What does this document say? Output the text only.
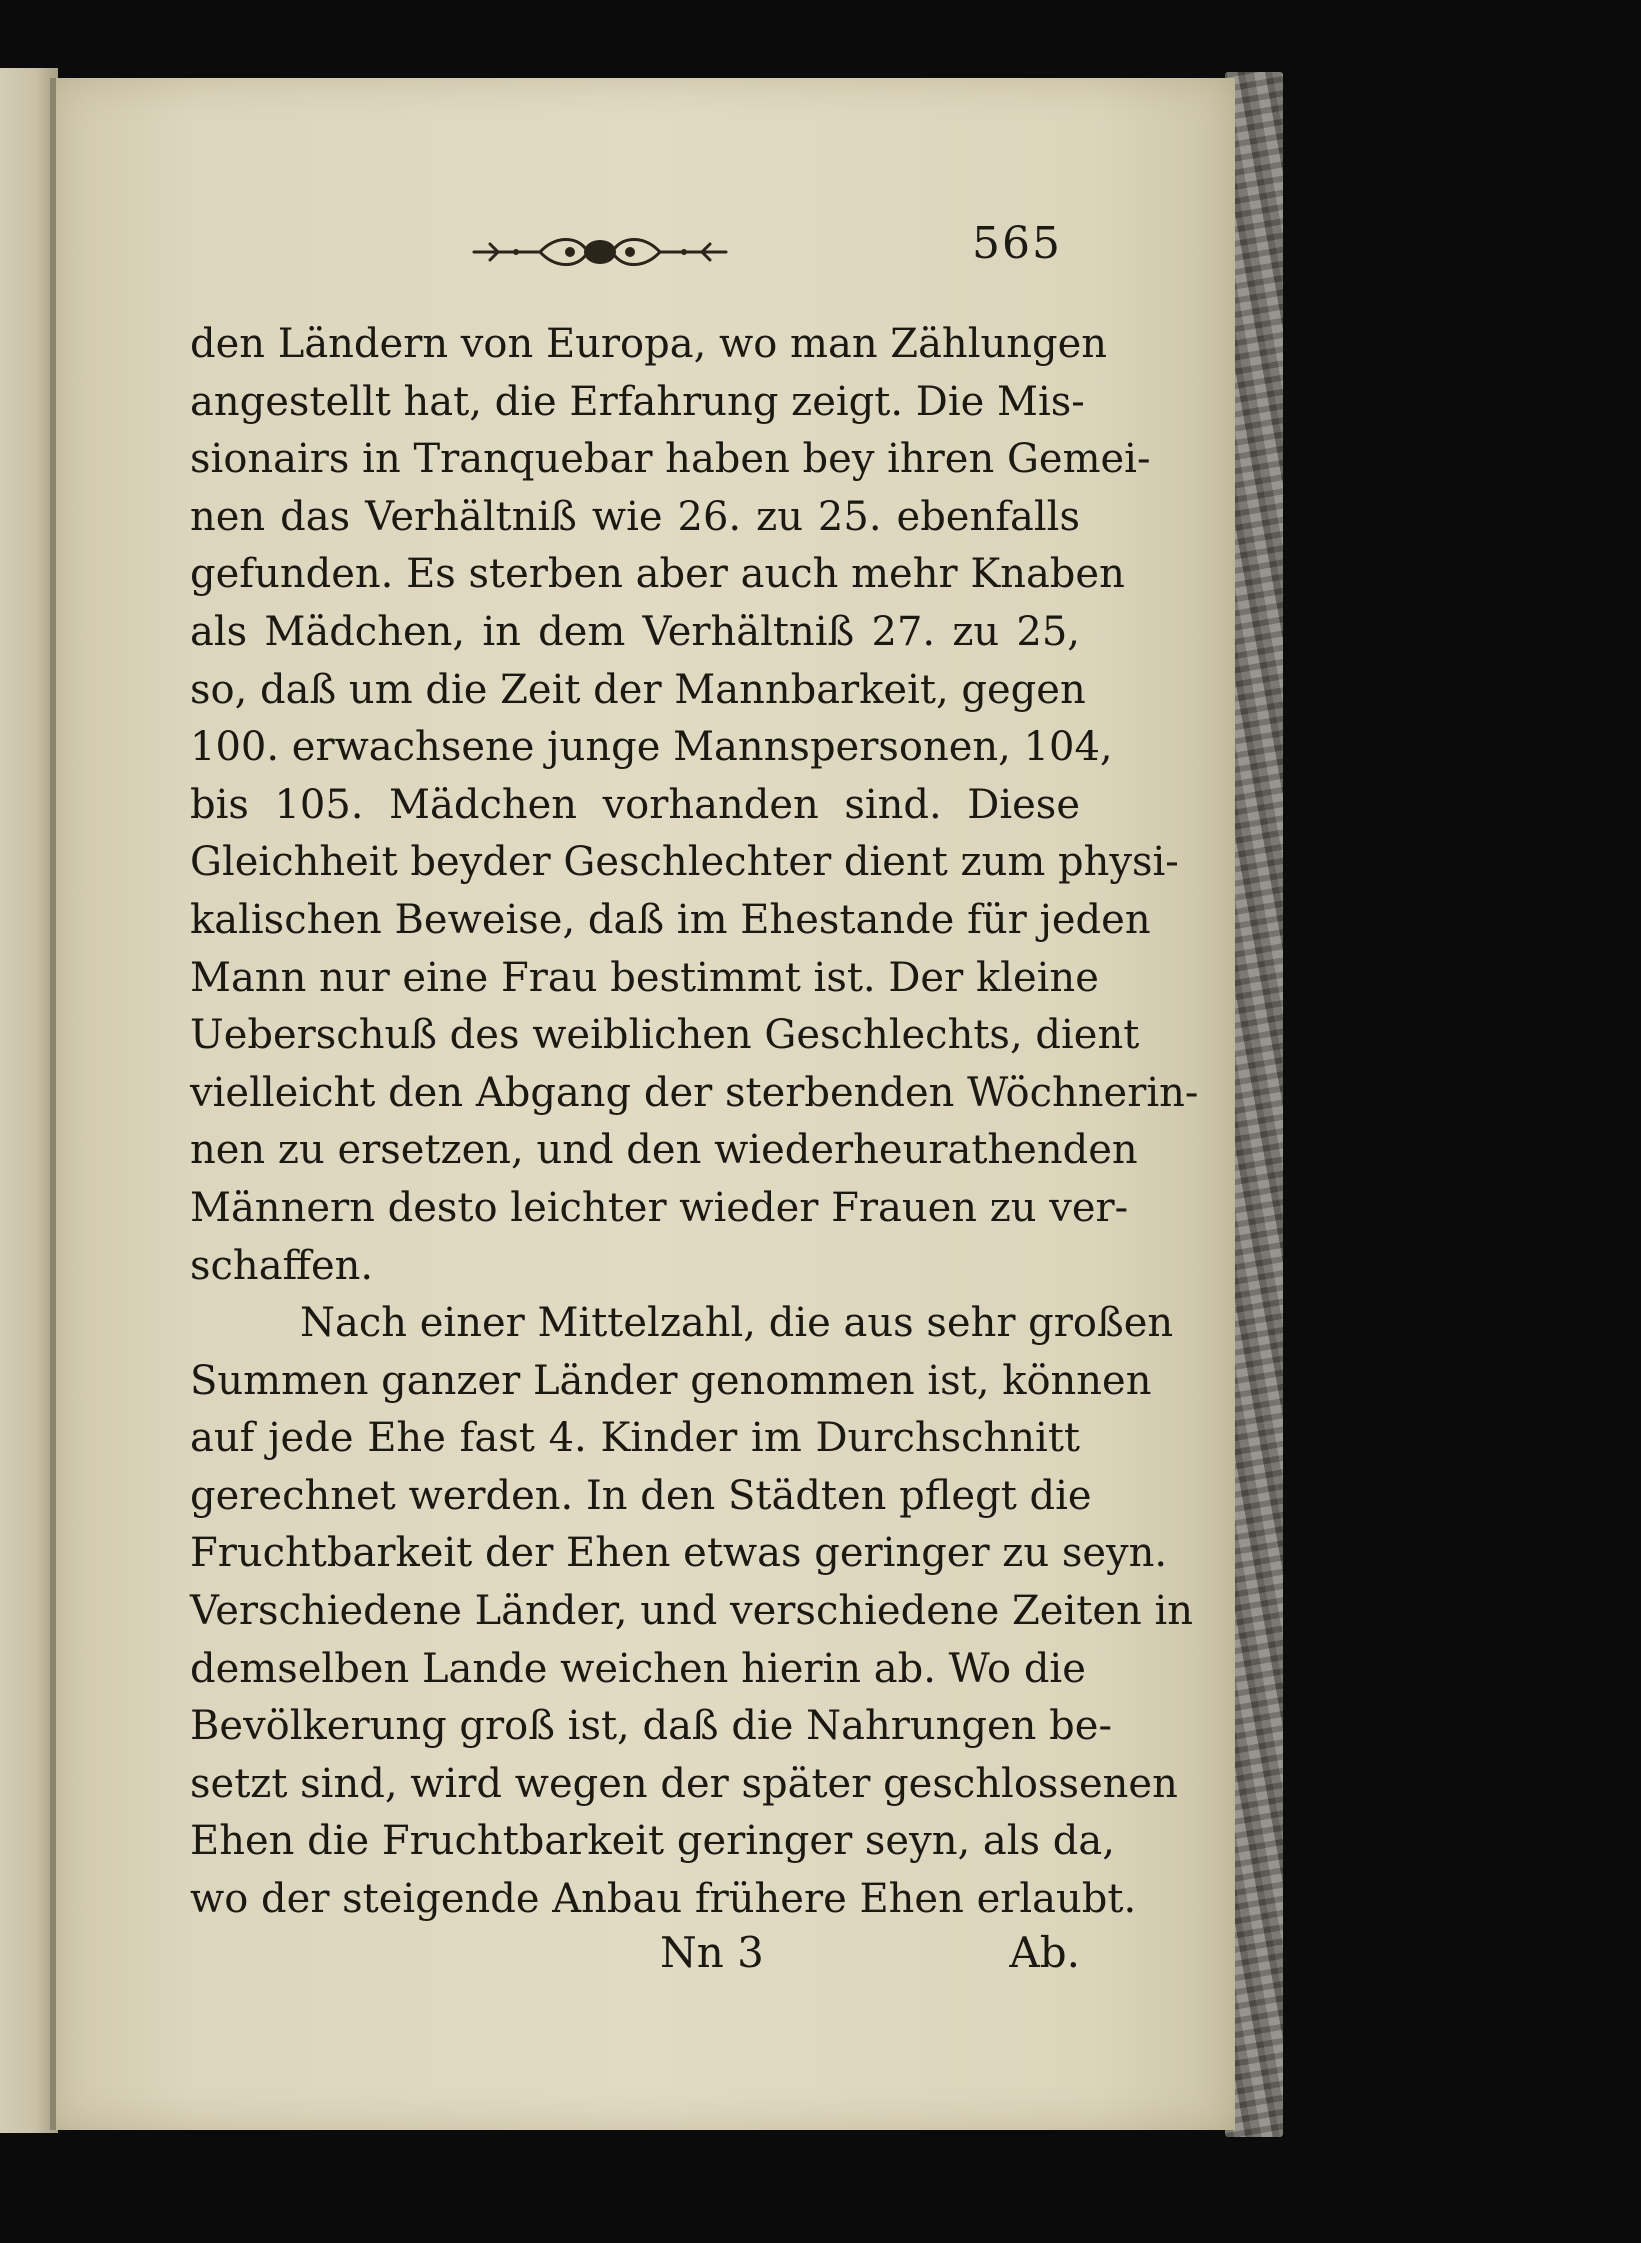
565
den Ländern von Europa, wo man Zählungen
angestellt hat, die Erfahrung zeigt. Die Mis-
sionairs in Tranquebar haben bey ihren Gemei-
nen das Verhältniß wie 26. zu 25. ebenfalls
gefunden. Es sterben aber auch mehr Knaben
als Mädchen, in dem Verhältniß 27. zu 25,
so, daß um die Zeit der Mannbarkeit, gegen
100. erwachsene junge Mannspersonen, 104,
bis 105. Mädchen vorhanden sind. Diese
Gleichheit beyder Geschlechter dient zum physi-
kalischen Beweise, daß im Ehestande für jeden
Mann nur eine Frau bestimmt ist. Der kleine
Ueberschuß des weiblichen Geschlechts, dient
vielleicht den Abgang der sterbenden Wöchnerin-
nen zu ersetzen, und den wiederheurathenden
Männern desto leichter wieder Frauen zu ver-
schaffen.
Nach einer Mittelzahl, die aus sehr großen
Summen ganzer Länder genommen ist, können
auf jede Ehe fast 4. Kinder im Durchschnitt
gerechnet werden. In den Städten pflegt die
Fruchtbarkeit der Ehen etwas geringer zu seyn.
Verschiedene Länder, und verschiedene Zeiten in
demselben Lande weichen hierin ab. Wo die
Bevölkerung groß ist, daß die Nahrungen be-
setzt sind, wird wegen der später geschlossenen
Ehen die Fruchtbarkeit geringer seyn, als da,
wo der steigende Anbau frühere Ehen erlaubt.
Nn 3	Ab.
